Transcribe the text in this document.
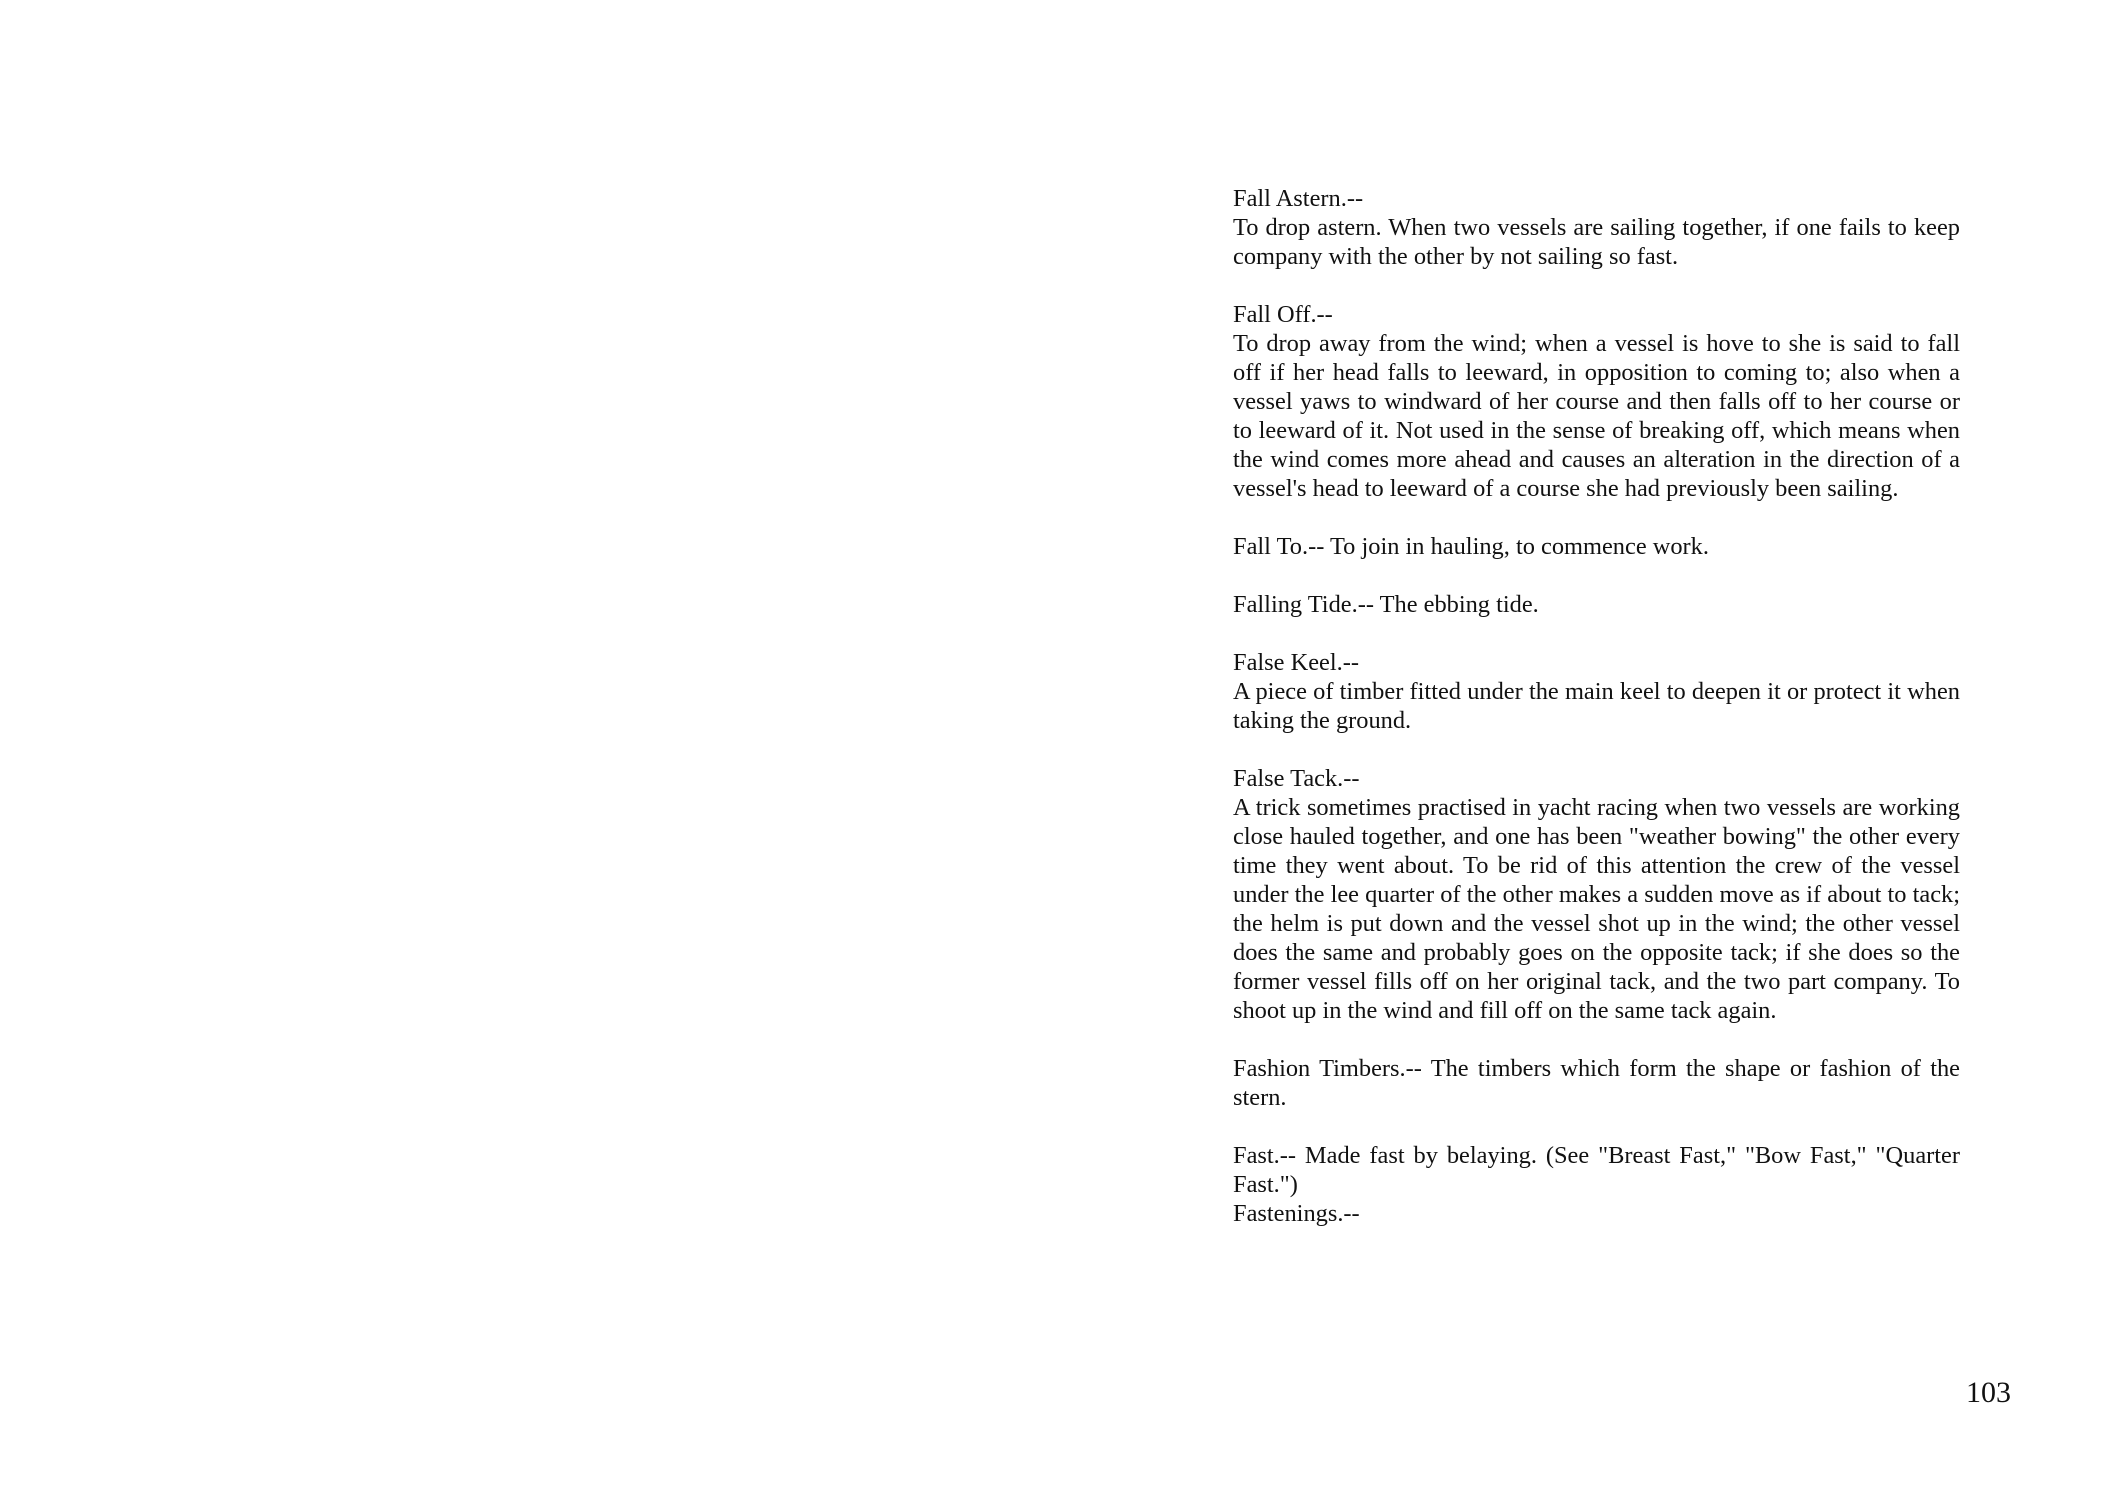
Fall Astern.--
To drop astern. When two vessels are sailing together, if one fails to keep company with the other by not sailing so fast.
Fall Off.--
To drop away from the wind; when a vessel is hove to she is said to fall off if her head falls to leeward, in opposition to coming to; also when a vessel yaws to windward of her course and then falls off to her course or to leeward of it. Not used in the sense of breaking off, which means when the wind comes more ahead and causes an alteration in the direction of a vessel's head to leeward of a course she had previously been sailing.
Fall To.-- To join in hauling, to commence work.
Falling Tide.-- The ebbing tide.
False Keel.--
A piece of timber fitted under the main keel to deepen it or protect it when taking the ground.
False Tack.--
A trick sometimes practised in yacht racing when two vessels are working close hauled together, and one has been "weather bowing" the other every time they went about. To be rid of this attention the crew of the vessel under the lee quarter of the other makes a sudden move as if about to tack; the helm is put down and the vessel shot up in the wind; the other vessel does the same and probably goes on the opposite tack; if she does so the former vessel fills off on her original tack, and the two part company. To shoot up in the wind and fill off on the same tack again.
Fashion Timbers.-- The timbers which form the shape or fashion of the stern.
Fast.-- Made fast by belaying. (See "Breast Fast," "Bow Fast," "Quarter Fast.")
Fastenings.--
103
